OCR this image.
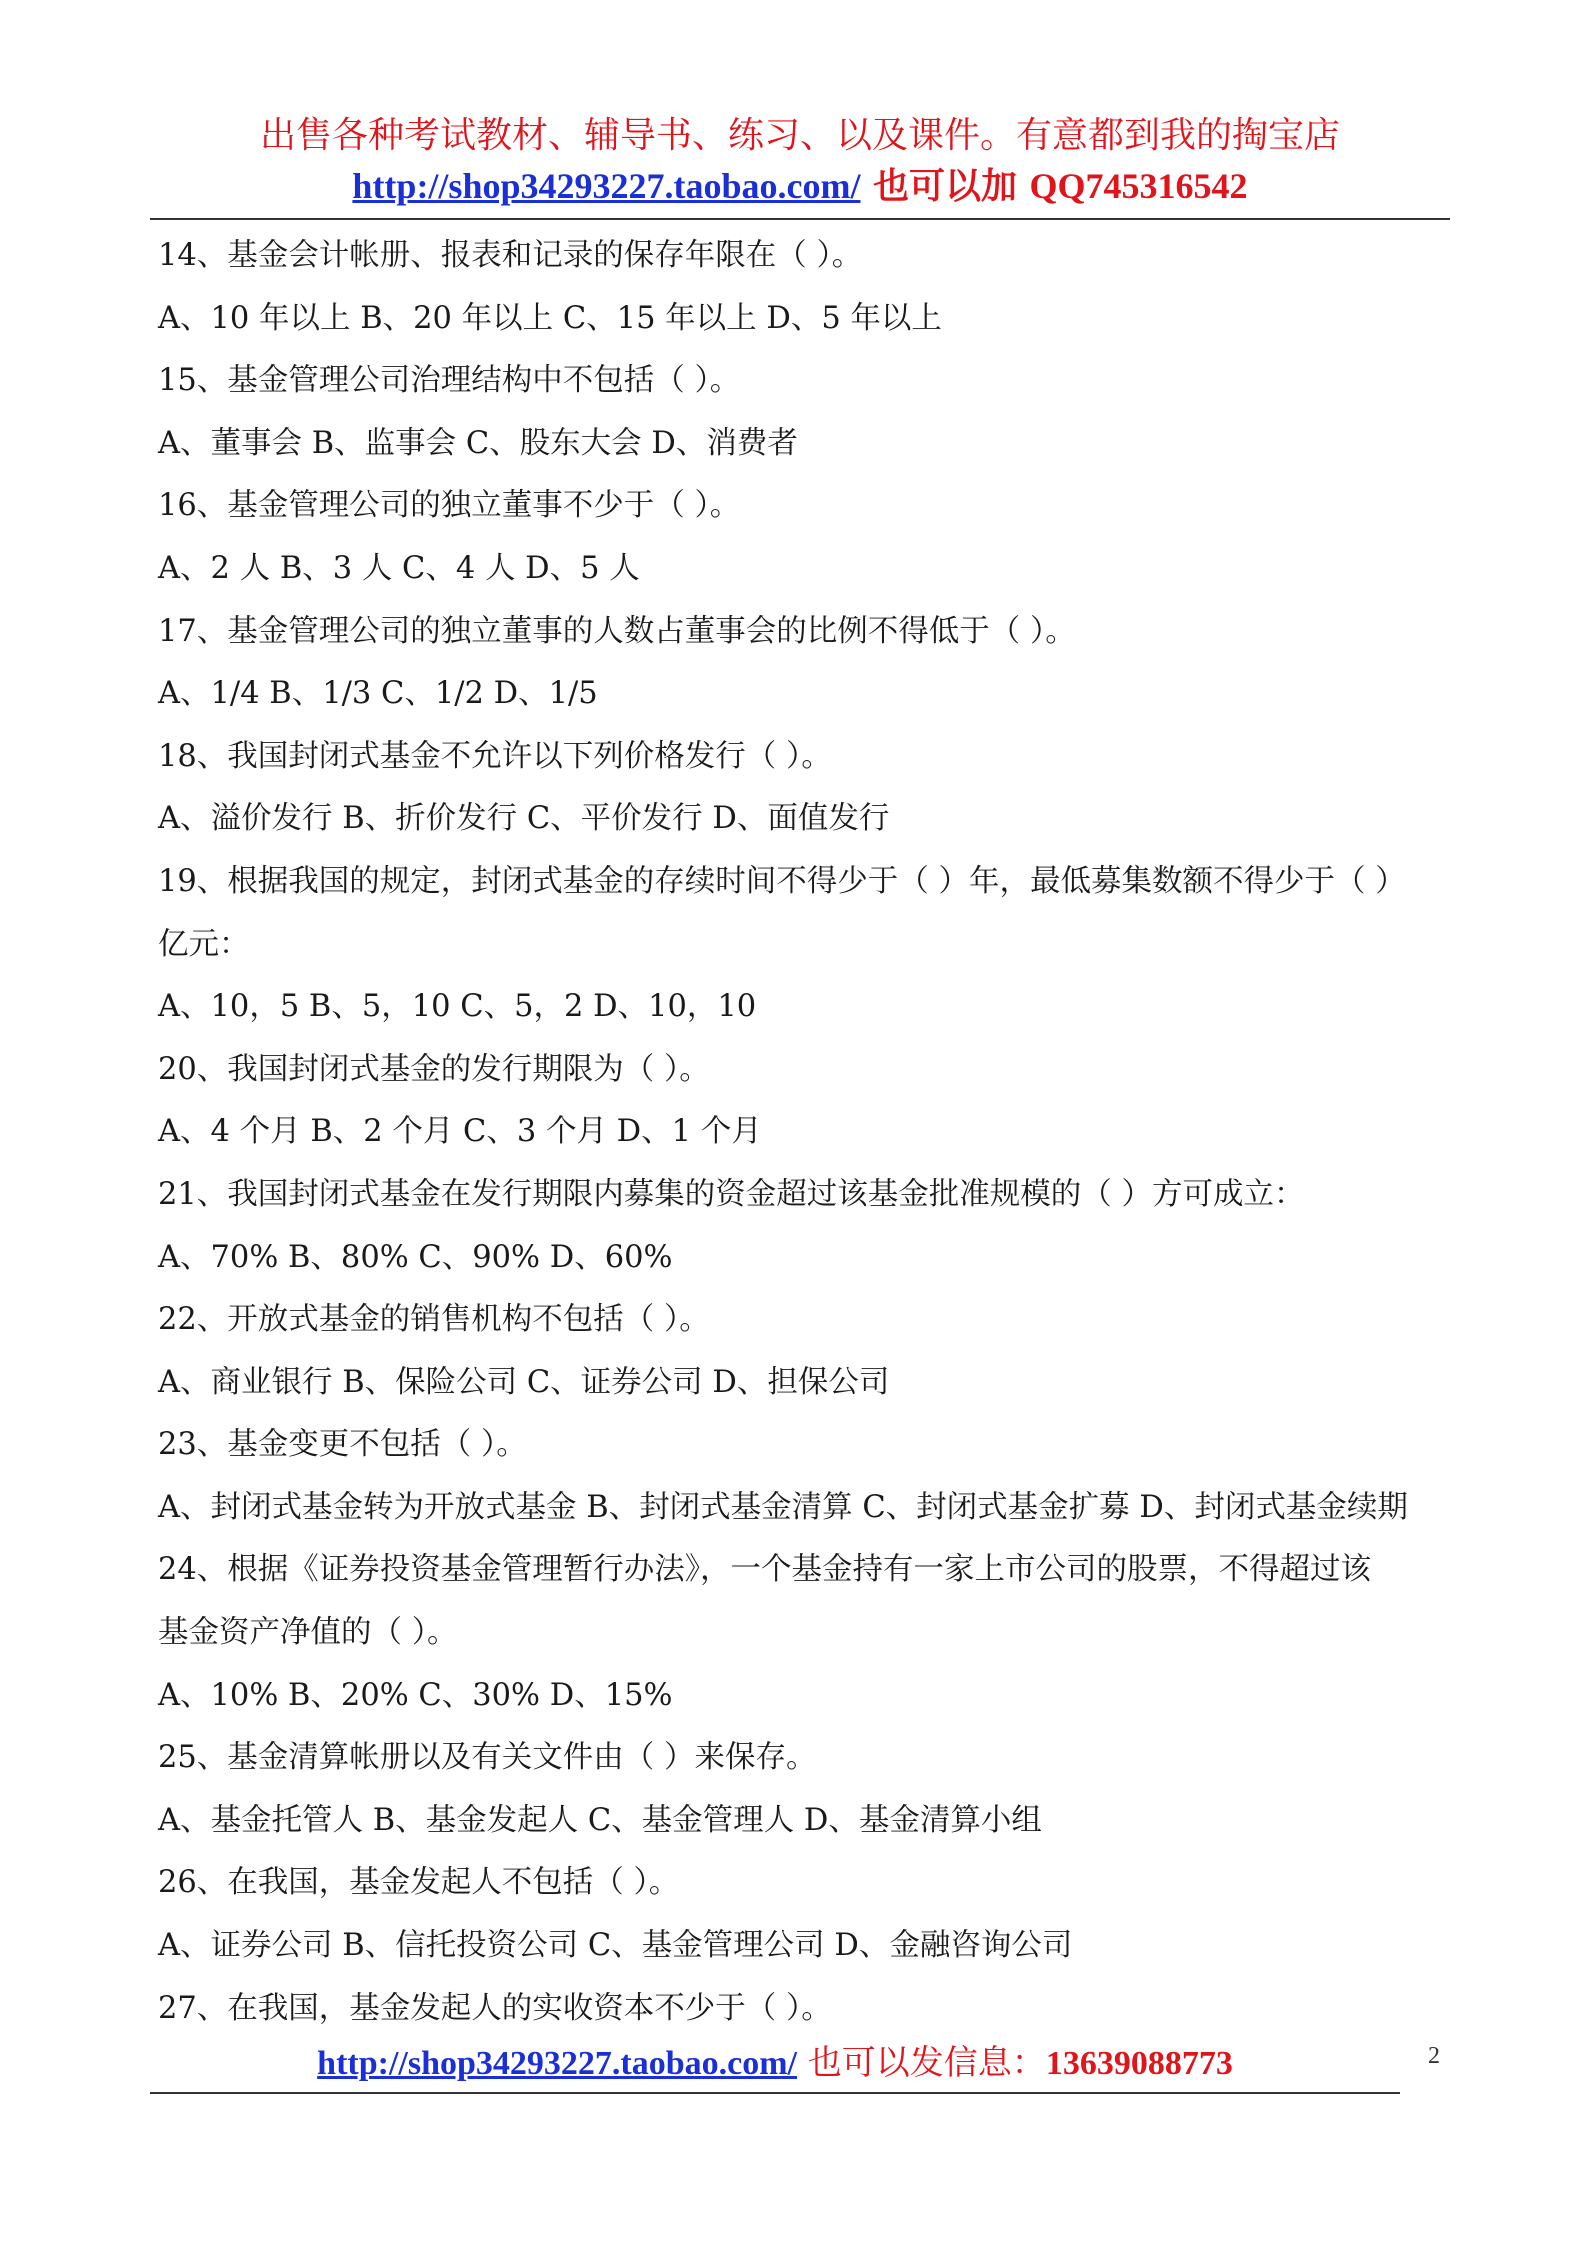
出售各种考试教材、辅导书、练习、以及课件。有意都到我的掏宝店
http://shop34293227.taobao.com/ 也可以加 QQ745316542

14、基金会计帐册、报表和记录的保存年限在（ ）。

A、10 年以上 B、20 年以上 C、15 年以上 D、5 年以上

15、基金管理公司治理结构中不包括（ ）。

A、董事会 B、监事会 C、股东大会 D、消费者

16、基金管理公司的独立董事不少于（ ）。

A、2 人 B、3 人 C、4 人 D、5 人

17、基金管理公司的独立董事的人数占董事会的比例不得低于（ ）。

A、1/4 B、1/3 C、1/2 D、1/5

18、我国封闭式基金不允许以下列价格发行（ ）。

A、溢价发行 B、折价发行 C、平价发行 D、面值发行

19、根据我国的规定，封闭式基金的存续时间不得少于（ ）年，最低募集数额不得少于（ ）

亿元：

A、10，5 B、5，10 C、5，2 D、10，10

20、我国封闭式基金的发行期限为（ ）。

A、4 个月 B、2 个月 C、3 个月 D、1 个月

21、我国封闭式基金在发行期限内募集的资金超过该基金批准规模的（ ）方可成立：

A、70% B、80% C、90% D、60%

22、开放式基金的销售机构不包括（ ）。

A、商业银行 B、保险公司 C、证券公司 D、担保公司

23、基金变更不包括（ ）。

A、封闭式基金转为开放式基金 B、封闭式基金清算 C、封闭式基金扩募 D、封闭式基金续期

24、根据《证券投资基金管理暂行办法》，一个基金持有一家上市公司的股票，不得超过该

基金资产净值的（ ）。

A、10% B、20% C、30% D、15%

25、基金清算帐册以及有关文件由（ ）来保存。

A、基金托管人 B、基金发起人 C、基金管理人 D、基金清算小组

26、在我国，基金发起人不包括（ ）。

A、证券公司 B、信托投资公司 C、基金管理公司 D、金融咨询公司

27、在我国，基金发起人的实收资本不少于（ ）。

http://shop34293227.taobao.com/ 也可以发信息：13639088773	2
